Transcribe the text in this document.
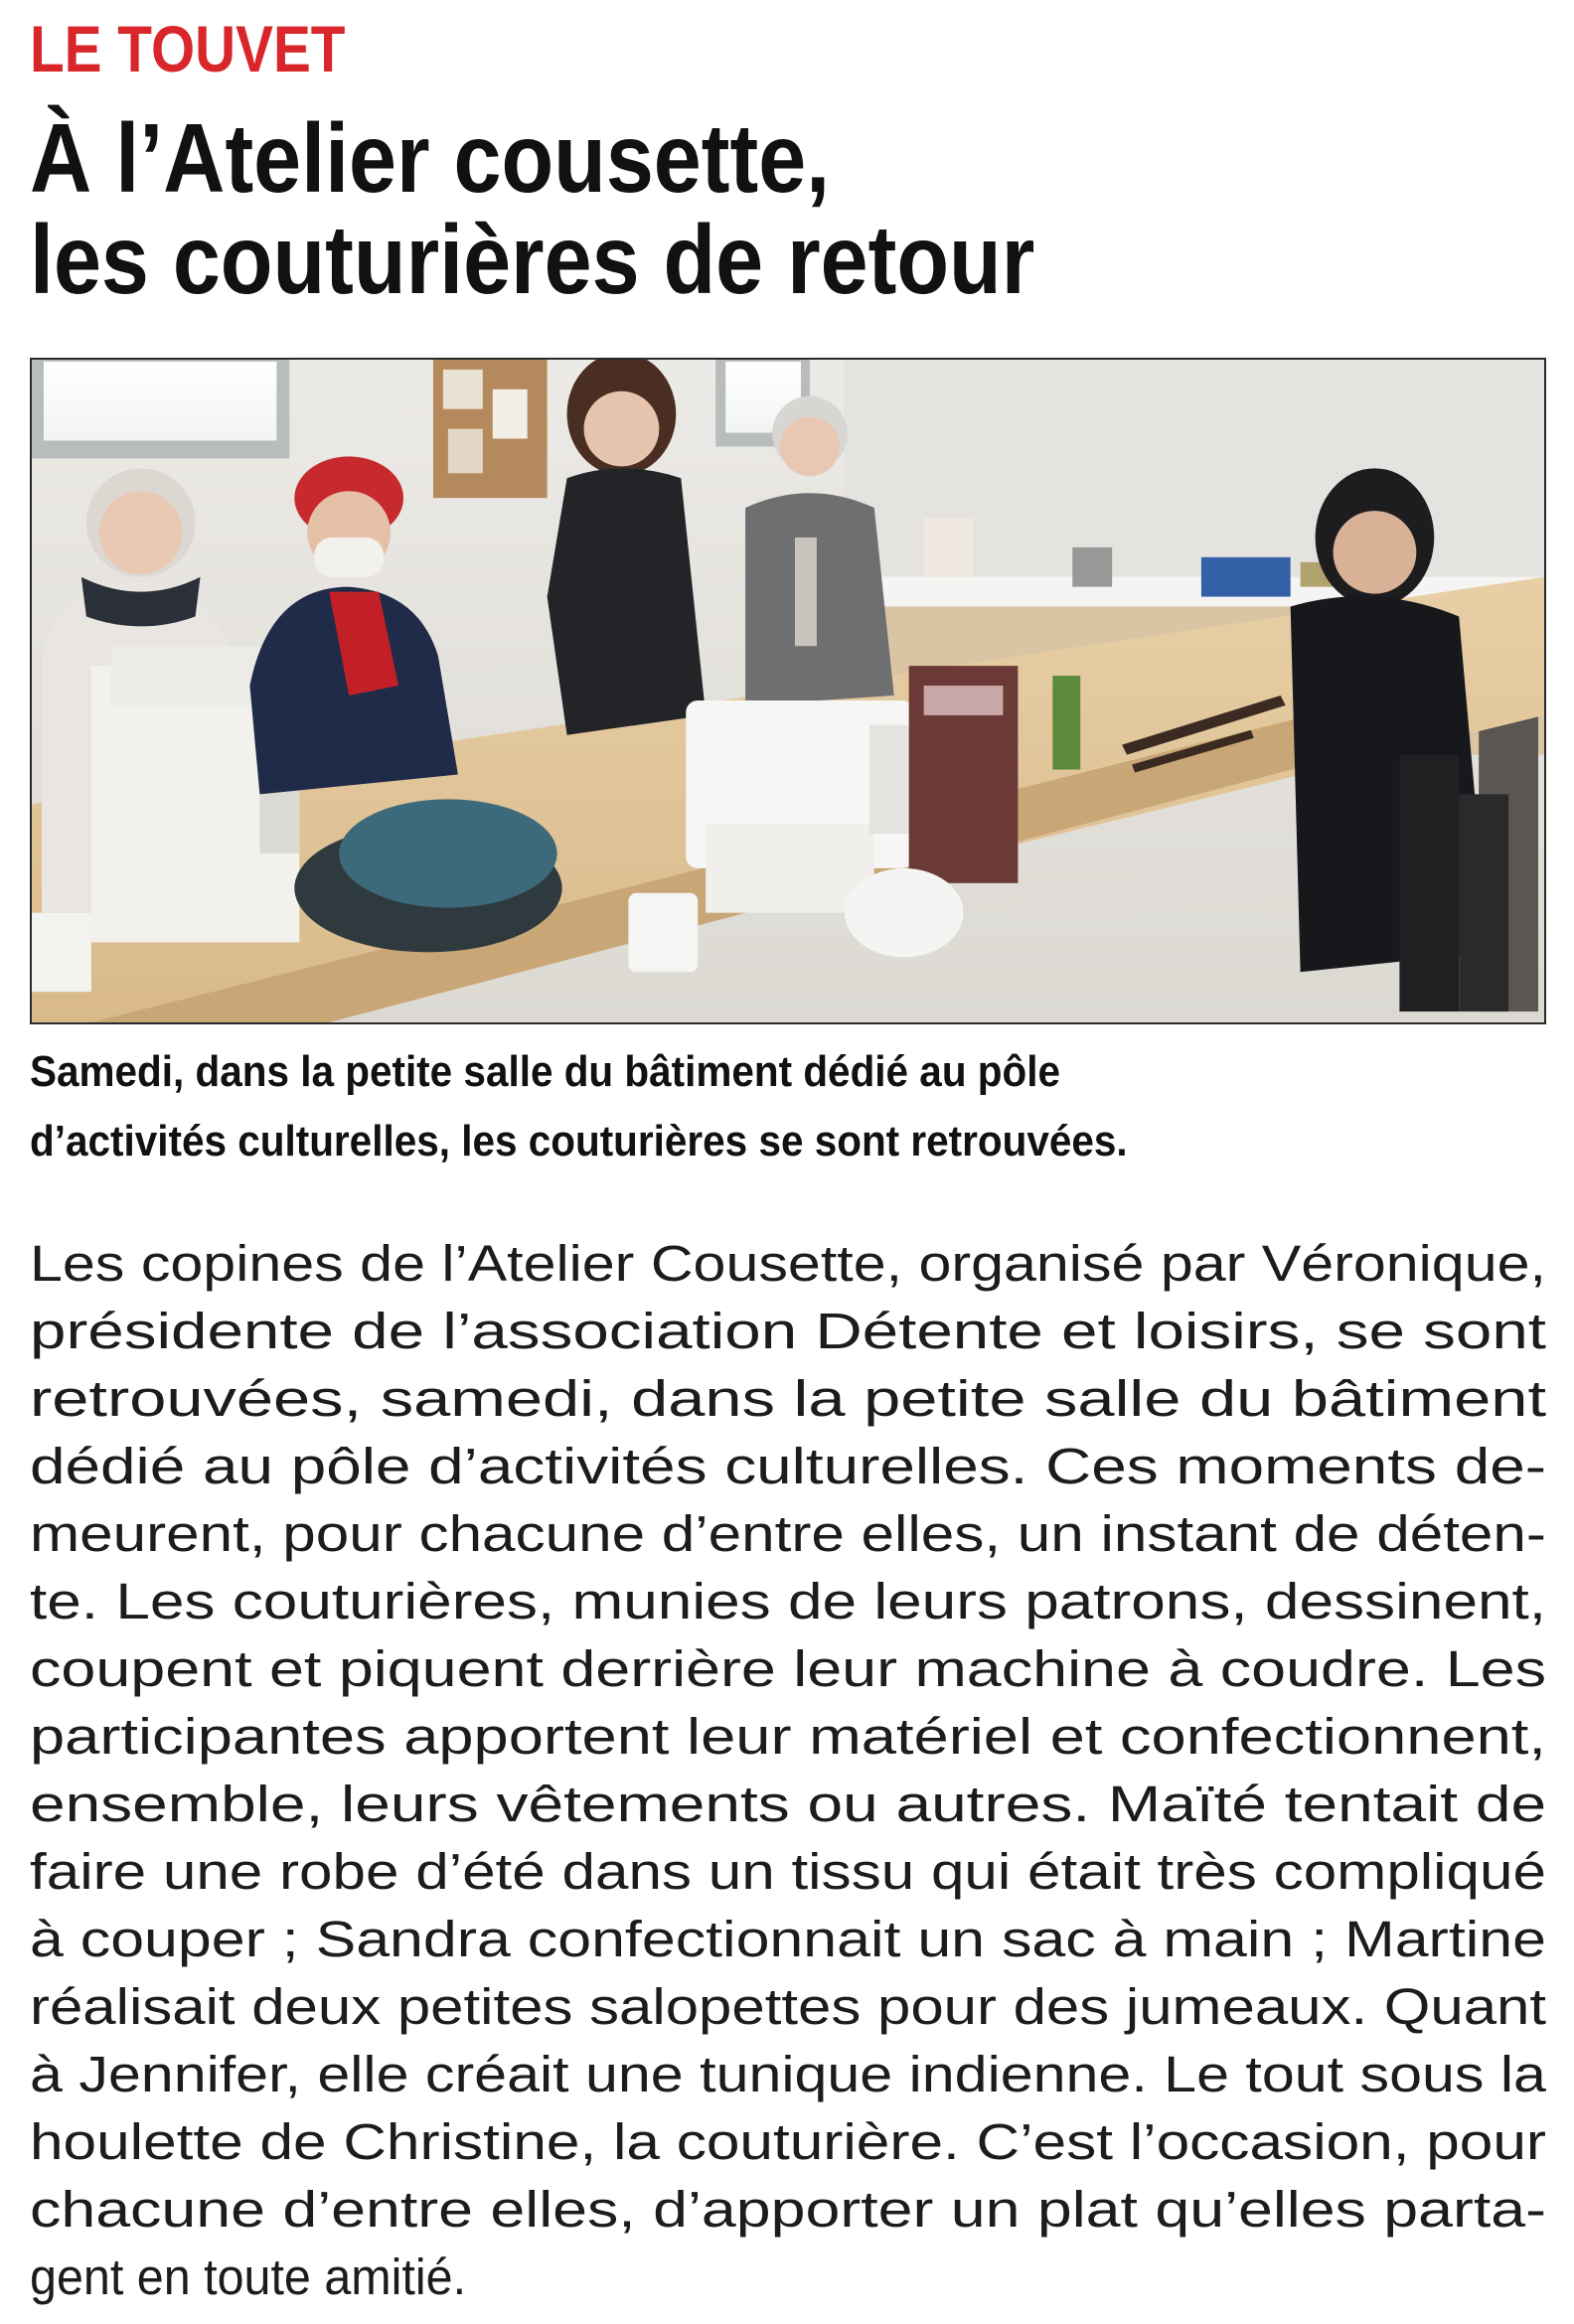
LE TOUVET
À l’Atelier cousette,
les couturières de retour
Samedi, dans la petite salle du bâtiment dédié au pôle
d’activités culturelles, les couturières se sont retrouvées.
Les copines de l’Atelier Cousette, organisé par Véronique,
présidente de l’association Détente et loisirs, se sont
retrouvées, samedi, dans la petite salle du bâtiment
dédié au pôle d’activités culturelles. Ces moments de-
meurent, pour chacune d’entre elles, un instant de déten-
te. Les couturières, munies de leurs patrons, dessinent,
coupent et piquent derrière leur machine à coudre. Les
participantes apportent leur matériel et confectionnent,
ensemble, leurs vêtements ou autres. Maïté tentait de
faire une robe d’été dans un tissu qui était très compliqué
à couper ; Sandra confectionnait un sac à main ; Martine
réalisait deux petites salopettes pour des jumeaux. Quant
à Jennifer, elle créait une tunique indienne. Le tout sous la
houlette de Christine, la couturière. C’est l’occasion, pour
chacune d’entre elles, d’apporter un plat qu’elles parta-
gent en toute amitié.
